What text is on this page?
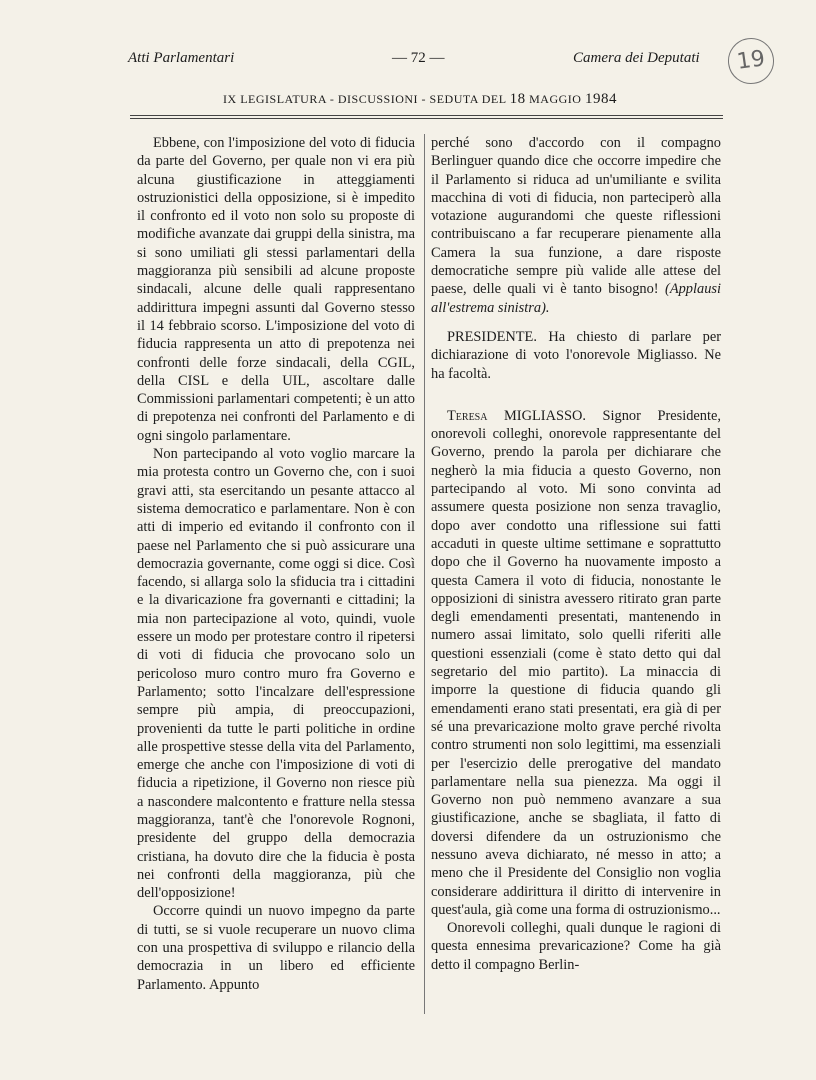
Atti Parlamentari	— 72 —	Camera dei Deputati	19
IX LEGISLATURA - DISCUSSIONI - SEDUTA DEL 18 MAGGIO 1984

Ebbene, con l'imposizione del voto di fiducia da parte del Governo, per quale non vi era più alcuna giustificazione in atteggiamenti ostruzionistici della opposizione, si è impedito il confronto ed il voto non solo su proposte di modifiche avanzate dai gruppi della sinistra, ma si sono umiliati gli stessi parlamentari della maggioranza più sensibili ad alcune proposte sindacali, alcune delle quali rappresentano addirittura impegni assunti dal Governo stesso il 14 febbraio scorso. L'imposizione del voto di fiducia rappresenta un atto di prepotenza nei confronti delle forze sindacali, della CGIL, della CISL e della UIL, ascoltare dalle Commissioni parlamentari competenti; è un atto di prepotenza nei confronti del Parlamento e di ogni singolo parlamentare.

Non partecipando al voto voglio marcare la mia protesta contro un Governo che, con i suoi gravi atti, sta esercitando un pesante attacco al sistema democratico e parlamentare. Non è con atti di imperio ed evitando il confronto con il paese nel Parlamento che si può assicurare una democrazia governante, come oggi si dice. Così facendo, si allarga solo la sfiducia tra i cittadini e la divaricazione fra governanti e cittadini; la mia non partecipazione al voto, quindi, vuole essere un modo per protestare contro il ripetersi di voti di fiducia che provocano solo un pericoloso muro contro muro fra Governo e Parlamento; sotto l'incalzare dell'espressione sempre più ampia, di preoccupazioni, provenienti da tutte le parti politiche in ordine alle prospettive stesse della vita del Parlamento, emerge che anche con l'imposizione di voti di fiducia a ripetizione, il Governo non riesce più a nascondere malcontento e fratture nella stessa maggioranza, tant'è che l'onorevole Rognoni, presidente del gruppo della democrazia cristiana, ha dovuto dire che la fiducia è posta nei confronti della maggioranza, più che dell'opposizione!

Occorre quindi un nuovo impegno da parte di tutti, se si vuole recuperare un nuovo clima con una prospettiva di sviluppo e rilancio della democrazia in un libero ed efficiente Parlamento. Appunto

perché sono d'accordo con il compagno Berlinguer quando dice che occorre impedire che il Parlamento si riduca ad un'umiliante e svilita macchina di voti di fiducia, non parteciperò alla votazione augurandomi che queste riflessioni contribuiscano a far recuperare pienamente alla Camera la sua funzione, a dare risposte democratiche sempre più valide alle attese del paese, delle quali vi è tanto bisogno! (Applausi all'estrema sinistra).

PRESIDENTE. Ha chiesto di parlare per dichiarazione di voto l'onorevole Migliasso. Ne ha facoltà.

Teresa MIGLIASSO. Signor Presidente, onorevoli colleghi, onorevole rappresentante del Governo, prendo la parola per dichiarare che negherò la mia fiducia a questo Governo, non partecipando al voto. Mi sono convinta ad assumere questa posizione non senza travaglio, dopo aver condotto una riflessione sui fatti accaduti in queste ultime settimane e soprattutto dopo che il Governo ha nuovamente imposto a questa Camera il voto di fiducia, nonostante le opposizioni di sinistra avessero ritirato gran parte degli emendamenti presentati, mantenendo in numero assai limitato, solo quelli riferiti alle questioni essenziali (come è stato detto qui dal segretario del mio partito). La minaccia di imporre la questione di fiducia quando gli emendamenti erano stati presentati, era già di per sé una prevaricazione molto grave perché rivolta contro strumenti non solo legittimi, ma essenziali per l'esercizio delle prerogative del mandato parlamentare nella sua pienezza. Ma oggi il Governo non può nemmeno avanzare a sua giustificazione, anche se sbagliata, il fatto di doversi difendere da un ostruzionismo che nessuno aveva dichiarato, né messo in atto; a meno che il Presidente del Consiglio non voglia considerare addirittura il diritto di intervenire in quest'aula, già come una forma di ostruzionismo...

Onorevoli colleghi, quali dunque le ragioni di questa ennesima prevaricazione? Come ha già detto il compagno Berlin-
